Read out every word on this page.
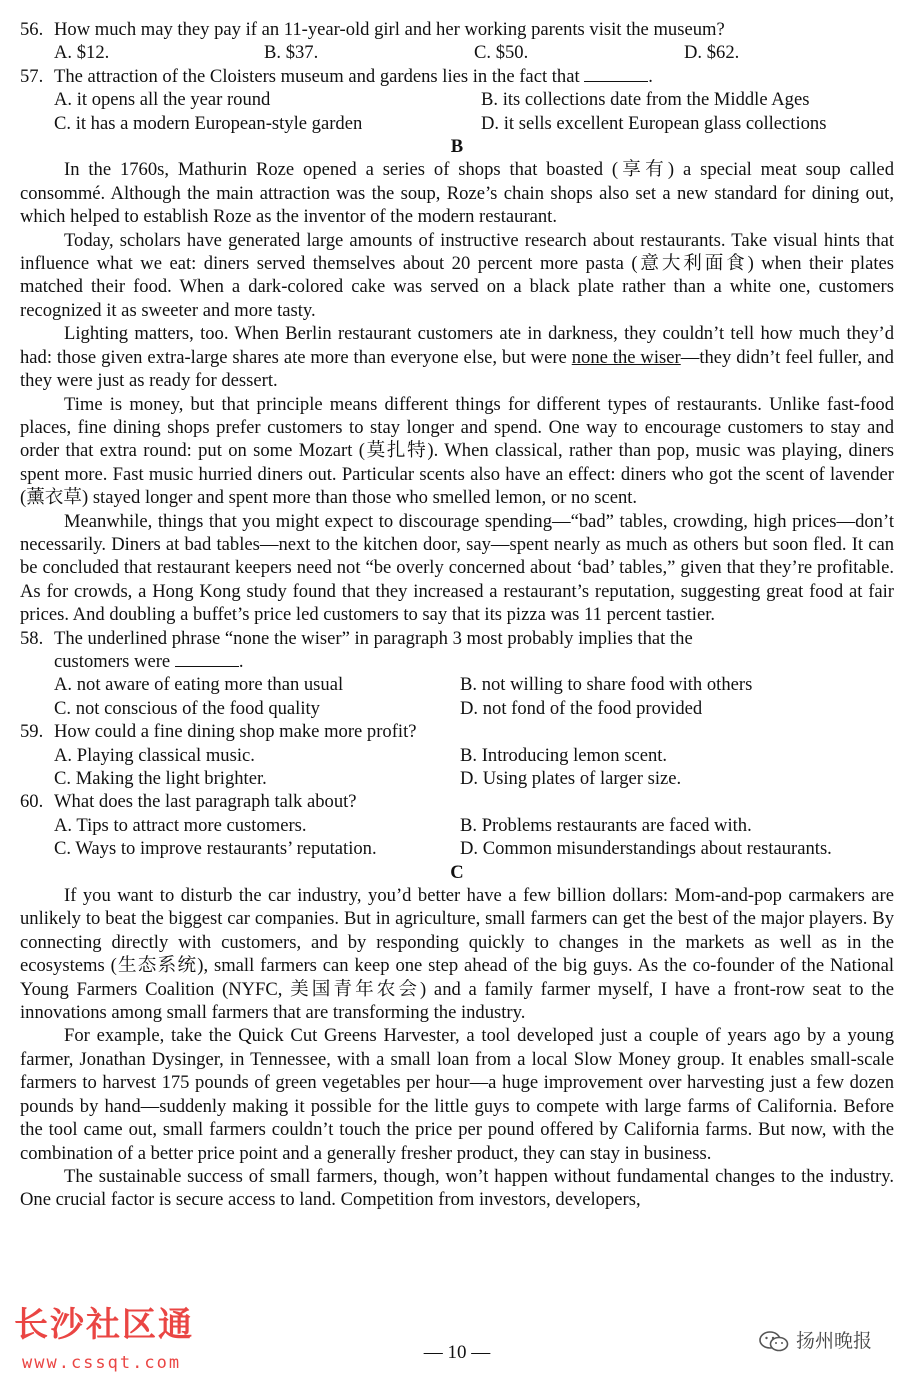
56. How much may they pay if an 11-year-old girl and her working parents visit the museum?

A. $12.	B. $37.	C. $50.	D. $62.

57. The attraction of the Cloisters museum and gardens lies in the fact that	.

A. it opens all the year round	B. its collections date from the Middle Ages
C. it has a modern European-style garden	D. it sells excellent European glass collections

B

In the 1760s, Mathurin Roze opened a series of shops that boasted (享有) a special meat soup called consommé. Although the main attraction was the soup, Roze’s chain shops also set a new standard for dining out, which helped to establish Roze as the inventor of the modern restaurant.

Today, scholars have generated large amounts of instructive research about restaurants. Take visual hints that influence what we eat: diners served themselves about 20 percent more pasta (意大利面食) when their plates matched their food. When a dark-colored cake was served on a black plate rather than a white one, customers recognized it as sweeter and more tasty.

Lighting matters, too. When Berlin restaurant customers ate in darkness, they couldn’t tell how much they’d had: those given extra-large shares ate more than everyone else, but were none the wiser—they didn’t feel fuller, and they were just as ready for dessert.

Time is money, but that principle means different things for different types of restaurants. Unlike fast-food places, fine dining shops prefer customers to stay longer and spend. One way to encourage customers to stay and order that extra round: put on some Mozart (莫扎特). When classical, rather than pop, music was playing, diners spent more. Fast music hurried diners out. Particular scents also have an effect: diners who got the scent of lavender (薰衣草) stayed longer and spent more than those who smelled lemon, or no scent.

Meanwhile, things that you might expect to discourage spending—“bad” tables, crowding, high prices—don’t necessarily. Diners at bad tables—next to the kitchen door, say—spent nearly as much as others but soon fled. It can be concluded that restaurant keepers need not “be overly concerned about ‘bad’ tables,” given that they’re profitable. As for crowds, a Hong Kong study found that they increased a restaurant’s reputation, suggesting great food at fair prices. And doubling a buffet’s price led customers to say that its pizza was 11 percent tastier.

58. The underlined phrase “none the wiser” in paragraph 3 most probably implies that the

customers were	.

A. not aware of eating more than usual	B. not willing to share food with others
C. not conscious of the food quality	D. not fond of the food provided

59. How could a fine dining shop make more profit?

A. Playing classical music.	B. Introducing lemon scent.
C. Making the light brighter.	D. Using plates of larger size.

60. What does the last paragraph talk about?

A. Tips to attract more customers.	B. Problems restaurants are faced with.
C. Ways to improve restaurants’ reputation.	D. Common misunderstandings about restaurants.

C

If you want to disturb the car industry, you’d better have a few billion dollars: Mom-and-pop carmakers are unlikely to beat the biggest car companies. But in agriculture, small farmers can get the best of the major players. By connecting directly with customers, and by responding quickly to changes in the markets as well as in the ecosystems (生态系统), small farmers can keep one step ahead of the big guys. As the co-founder of the National Young Farmers Coalition (NYFC, 美国青年农会) and a family farmer myself, I have a front-row seat to the innovations among small farmers that are transforming the industry.

For example, take the Quick Cut Greens Harvester, a tool developed just a couple of years ago by a young farmer, Jonathan Dysinger, in Tennessee, with a small loan from a local Slow Money group. It enables small-scale farmers to harvest 175 pounds of green vegetables per hour—a huge improvement over harvesting just a few dozen pounds by hand—suddenly making it possible for the little guys to compete with large farms of California. Before the tool came out, small farmers couldn’t touch the price per pound offered by California farms. But now, with the combination of a better price point and a generally fresher product, they can stay in business.

The sustainable success of small farmers, though, won’t happen without fundamental changes to the industry. One crucial factor is secure access to land. Competition from investors, developers,

— 10 —
长沙社区通
www.cssqt.com
扬州晚报
